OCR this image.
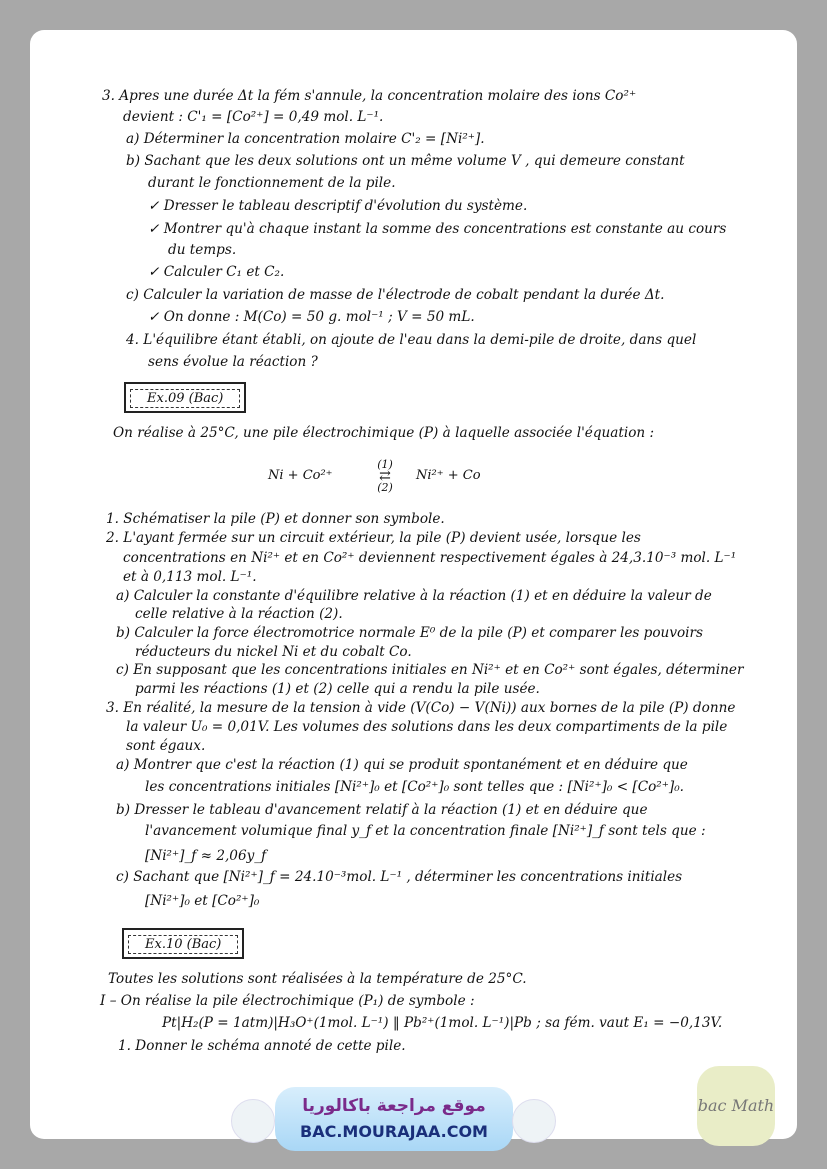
3. Apres une durée Δt la fém s'annule, la concentration molaire des ions Co²⁺
devient : C'₁ = [Co²⁺] = 0,49 mol. L⁻¹.
a) Déterminer la concentration molaire C'₂ = [Ni²⁺].
b) Sachant que les deux solutions ont un même volume V , qui demeure constant
durant le fonctionnement de la pile.
✓ Dresser le tableau descriptif d'évolution du système.
✓ Montrer qu'à chaque instant la somme des concentrations est constante au cours
du temps.
✓ Calculer C₁ et C₂.
c) Calculer la variation de masse de l'électrode de cobalt pendant la durée Δt.
✓ On donne : M(Co) = 50 g. mol⁻¹ ; V = 50 mL.
4. L'équilibre étant établi, on ajoute de l'eau dans la demi-pile de droite, dans quel
sens évolue la réaction ?
On réalise à 25°C, une pile électrochimique (P) à laquelle associée l'équation :
1. Schématiser la pile (P) et donner son symbole.
2. L'ayant fermée sur un circuit extérieur, la pile (P) devient usée, lorsque les
concentrations en Ni²⁺ et en Co²⁺ deviennent respectivement égales à 24,3.10⁻³ mol. L⁻¹
et à 0,113 mol. L⁻¹.
a) Calculer la constante d'équilibre relative à la réaction (1) et en déduire la valeur de
celle relative à la réaction (2).
b) Calculer la force électromotrice normale E⁰ de la pile (P) et comparer les pouvoirs
réducteurs du nickel Ni et du cobalt Co.
c) En supposant que les concentrations initiales en Ni²⁺ et en Co²⁺ sont égales, déterminer
parmi les réactions (1) et (2) celle qui a rendu la pile usée.
3. En réalité, la mesure de la tension à vide (V(Co) − V(Ni)) aux bornes de la pile (P) donne
la valeur U₀ = 0,01V. Les volumes des solutions dans les deux compartiments de la pile
sont égaux.
a) Montrer que c'est la réaction (1) qui se produit spontanément et en déduire que
les concentrations initiales [Ni²⁺]₀ et [Co²⁺]₀ sont telles que : [Ni²⁺]₀ < [Co²⁺]₀.
b) Dresser le tableau d'avancement relatif à la réaction (1) et en déduire que
l'avancement volumique final y_f et la concentration finale [Ni²⁺]_f sont tels que :
[Ni²⁺]_f ≈ 2,06y_f
c) Sachant que [Ni²⁺]_f = 24.10⁻³mol. L⁻¹ , déterminer les concentrations initiales
[Ni²⁺]₀ et [Co²⁺]₀
Toutes les solutions sont réalisées à la température de 25°C.
I – On réalise la pile électrochimique (P₁) de symbole :
Pt|H₂(P = 1atm)|H₃O⁺(1mol. L⁻¹) ‖ Pb²⁺(1mol. L⁻¹)|Pb ; sa fém. vaut E₁ = −0,13V.
1. Donner le schéma annoté de cette pile.
Ex.09 (Bac)
Ex.10 (Bac)
Ni + Co²⁺
(1)
⇄
(2)
Ni²⁺ + Co
موقع مراجعة باكالوريا
BAC.MOURAJAA.COM
bac Math
